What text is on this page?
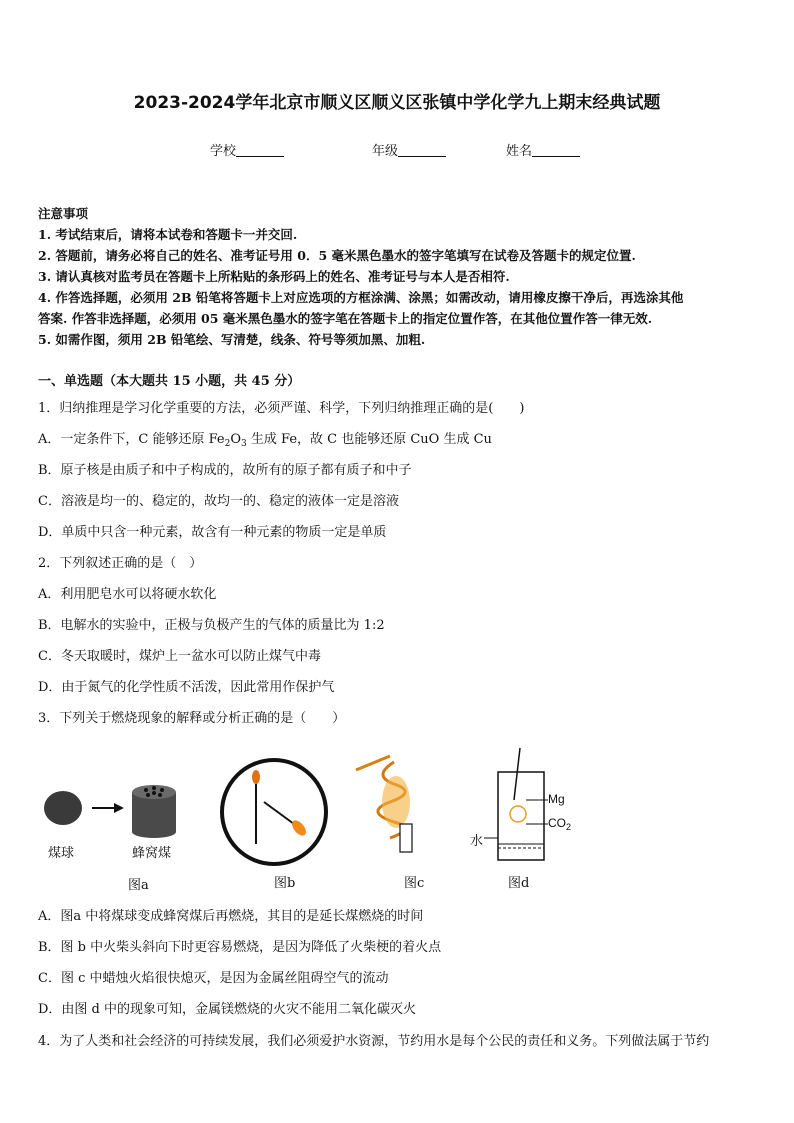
2023-2024学年北京市顺义区顺义区张镇中学化学九上期末经典试题
学校	年级	姓名
注意事项
1. 考试结束后，请将本试卷和答题卡一并交回.
2. 答题前，请务必将自己的姓名、准考证号用 0．5 毫米黑色墨水的签字笔填写在试卷及答题卡的规定位置.
3. 请认真核对监考员在答题卡上所粘贴的条形码上的姓名、准考证号与本人是否相符.
4. 作答选择题，必须用 2B 铅笔将答题卡上对应选项的方框涂满、涂黑；如需改动，请用橡皮擦干净后，再选涂其他
答案. 作答非选择题，必须用 05 毫米黑色墨水的签字笔在答题卡上的指定位置作答，在其他位置作答一律无效.
5. 如需作图，须用 2B 铅笔绘、写清楚，线条、符号等须加黑、加粗.
一、单选题（本大题共 15 小题，共 45 分）
1．归纳推理是学习化学重要的方法，必须严谨、科学，下列归纳推理正确的是(　　)
A．一定条件下，C 能够还原 $Fe_2O_3$ 生成 Fe，故 C 也能够还原 CuO 生成 Cu
B．原子核是由质子和中子构成的，故所有的原子都有质子和中子
C．溶液是均一的、稳定的，故均一的、稳定的液体一定是溶液
D．单质中只含一种元素，故含有一种元素的物质一定是单质
2．下列叙述正确的是（　）
A．利用肥皂水可以将硬水软化
B．电解水的实验中，正极与负极产生的气体的质量比为 1:2
C．冬天取暖时，煤炉上一盆水可以防止煤气中毒
D．由于氮气的化学性质不活泼，因此常用作保护气
3．下列关于燃烧现象的解释或分析正确的是（　　）
煤球	蜂窝煤
Mg
$CO_2$
水
图a	图b	图c	图d
A．图a 中将煤球变成蜂窝煤后再燃烧，其目的是延长煤燃烧的时间
B．图 b 中火柴头斜向下时更容易燃烧，是因为降低了火柴梗的着火点
C．图 c 中蜡烛火焰很快熄灭，是因为金属丝阻碍空气的流动
D．由图 d 中的现象可知，金属镁燃烧的火灾不能用二氧化碳灭火
4．为了人类和社会经济的可持续发展，我们必须爱护水资源，节约用水是每个公民的责任和义务。下列做法属于节约
